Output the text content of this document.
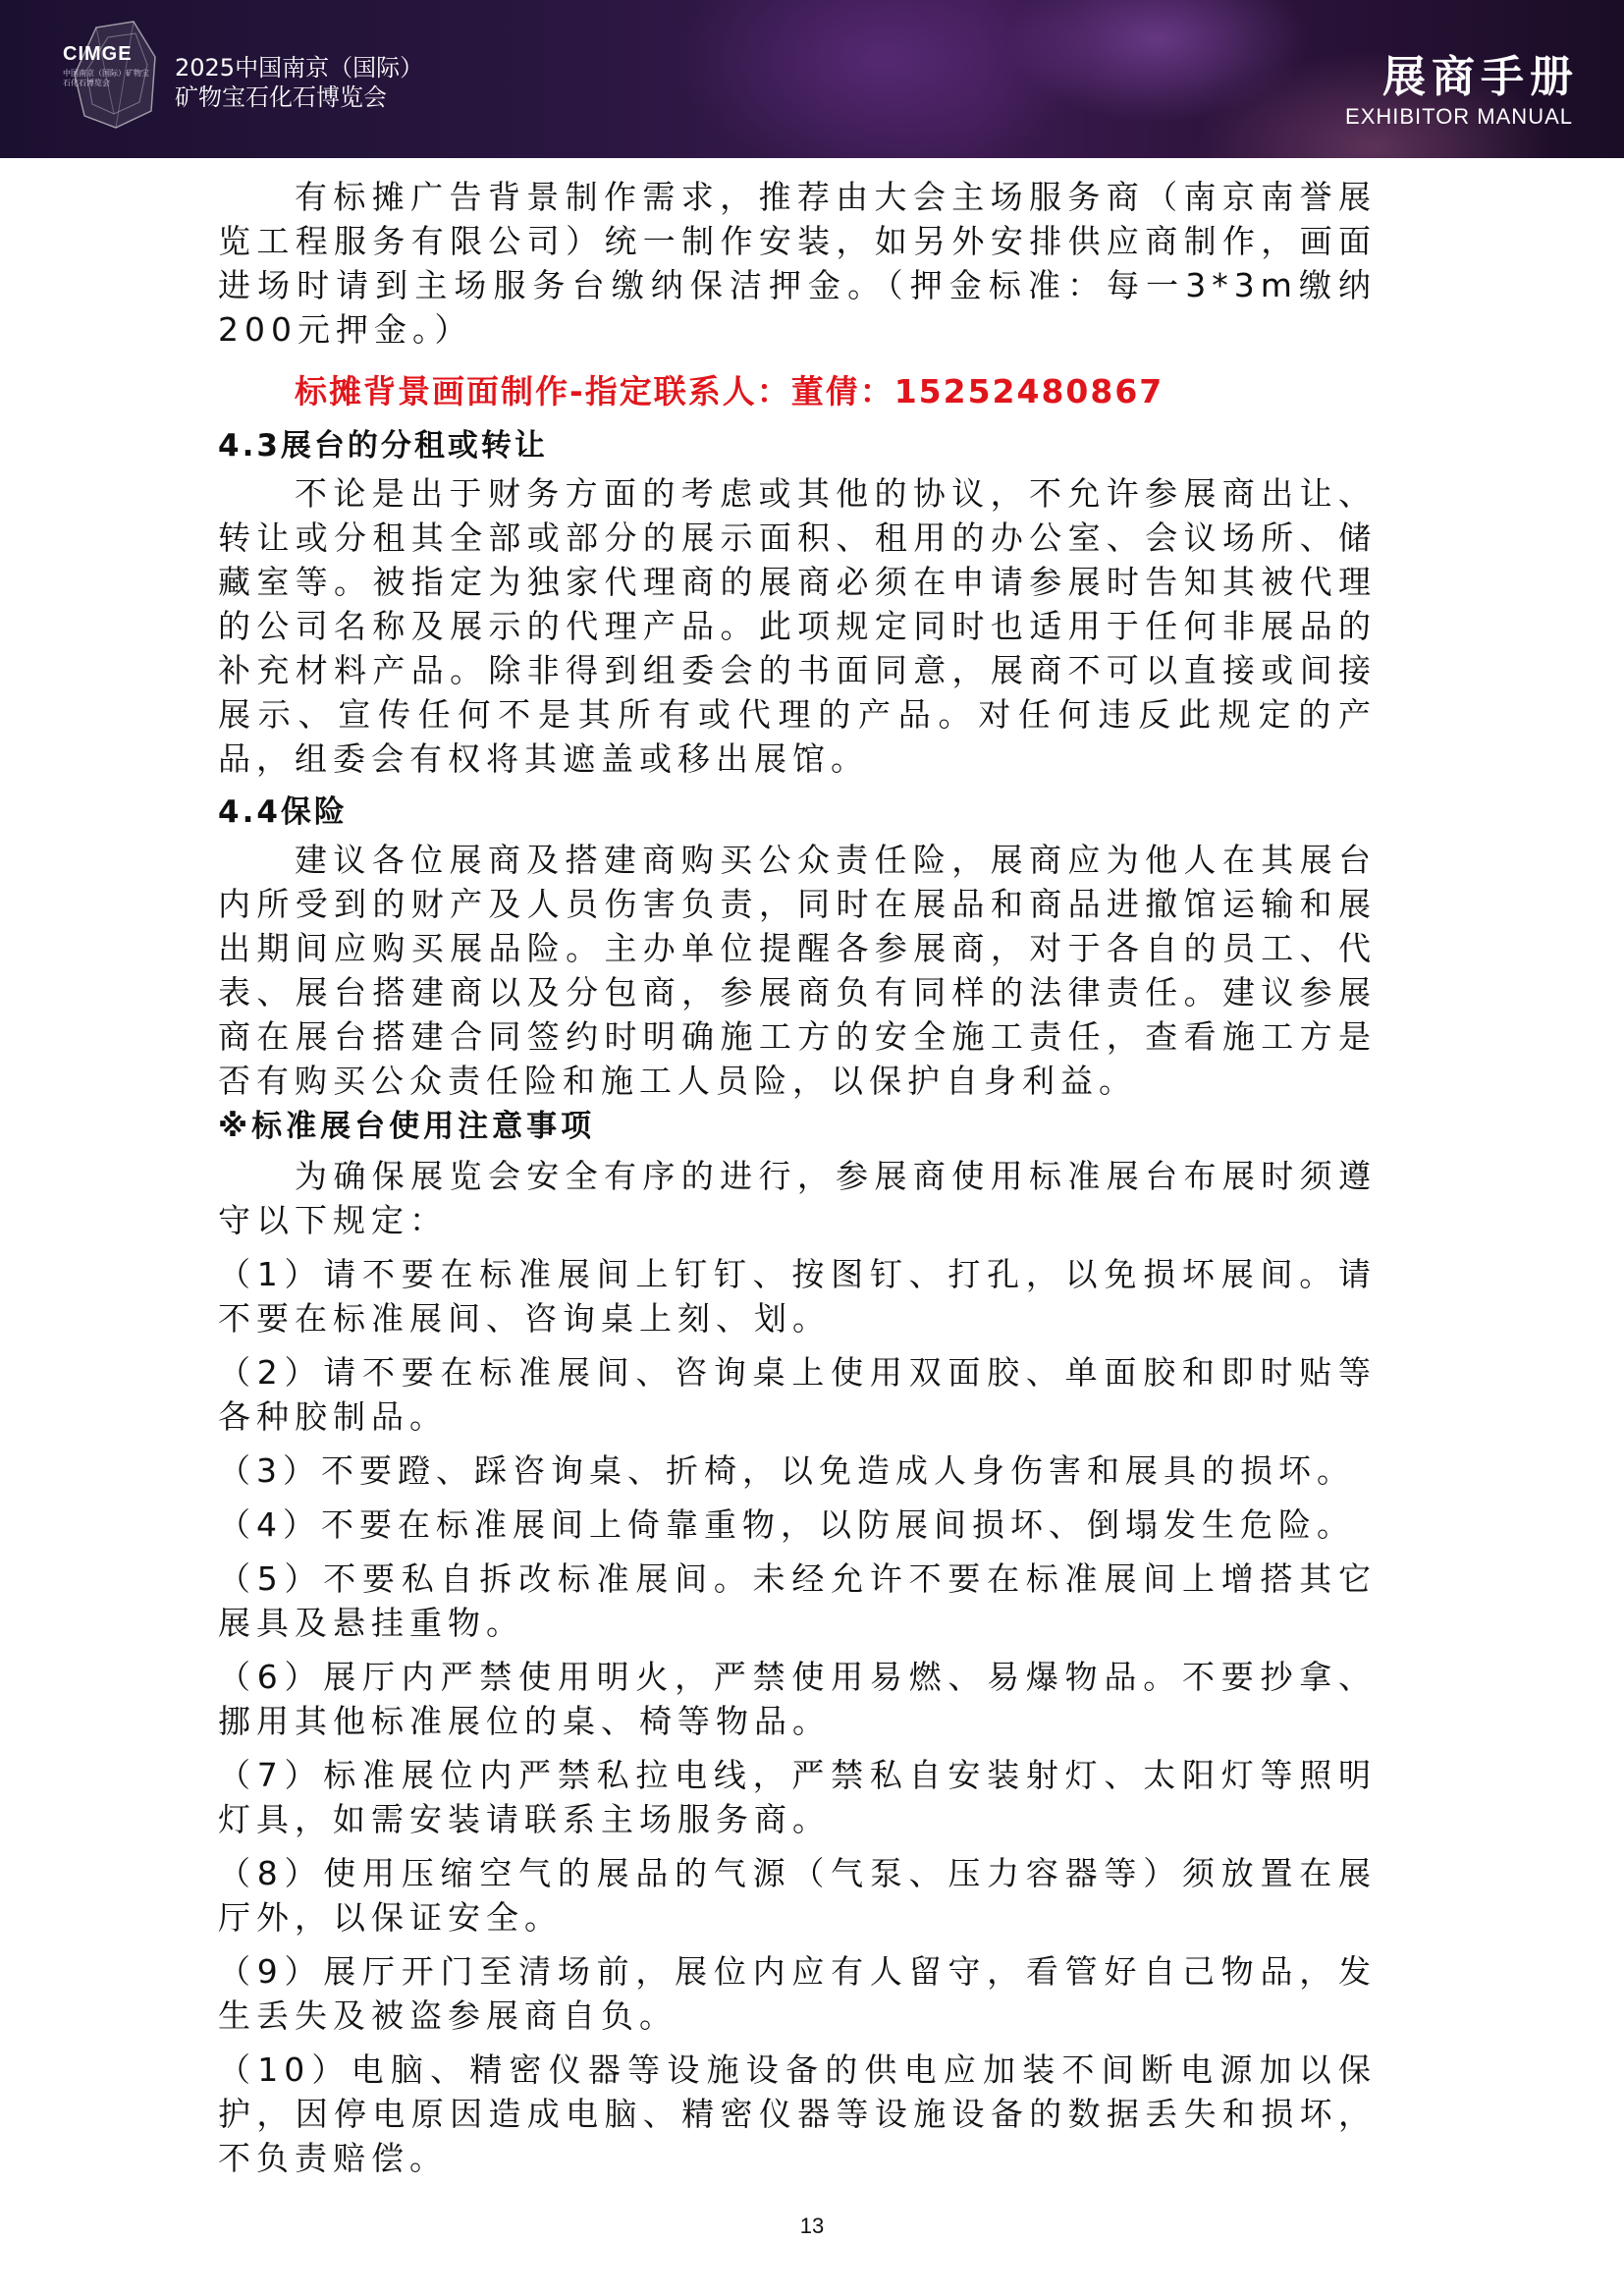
CIMGE
中国南京（国际）矿物宝石化石博览会
2025中国南京（国际）
矿物宝石化石博览会	展商手册
EXHIBITOR MANUAL

有标摊广告背景制作需求，推荐由大会主场服务商（南京南誉展览工程服务有限公司）统一制作安装，如另外安排供应商制作，画面进场时请到主场服务台缴纳保洁押金。（押金标准：每一3*3m缴纳200元押金。）

标摊背景画面制作-指定联系人：董倩：15252480867

4.3展台的分租或转让

不论是出于财务方面的考虑或其他的协议，不允许参展商出让、转让或分租其全部或部分的展示面积、租用的办公室、会议场所、储藏室等。被指定为独家代理商的展商必须在申请参展时告知其被代理的公司名称及展示的代理产品。此项规定同时也适用于任何非展品的补充材料产品。除非得到组委会的书面同意，展商不可以直接或间接展示、宣传任何不是其所有或代理的产品。对任何违反此规定的产品，组委会有权将其遮盖或移出展馆。

4.4保险

建议各位展商及搭建商购买公众责任险，展商应为他人在其展台内所受到的财产及人员伤害负责，同时在展品和商品进撤馆运输和展出期间应购买展品险。主办单位提醒各参展商，对于各自的员工、代表、展台搭建商以及分包商，参展商负有同样的法律责任。建议参展商在展台搭建合同签约时明确施工方的安全施工责任，查看施工方是否有购买公众责任险和施工人员险，以保护自身利益。

※标准展台使用注意事项

为确保展览会安全有序的进行，参展商使用标准展台布展时须遵守以下规定：

（1）请不要在标准展间上钉钉、按图钉、打孔，以免损坏展间。请不要在标准展间、咨询桌上刻、划。

（2）请不要在标准展间、咨询桌上使用双面胶、单面胶和即时贴等各种胶制品。

（3）不要蹬、踩咨询桌、折椅，以免造成人身伤害和展具的损坏。

（4）不要在标准展间上倚靠重物，以防展间损坏、倒塌发生危险。

（5）不要私自拆改标准展间。未经允许不要在标准展间上增搭其它展具及悬挂重物。

（6）展厅内严禁使用明火，严禁使用易燃、易爆物品。不要抄拿、挪用其他标准展位的桌、椅等物品。

（7）标准展位内严禁私拉电线，严禁私自安装射灯、太阳灯等照明灯具，如需安装请联系主场服务商。

（8）使用压缩空气的展品的气源（气泵、压力容器等）须放置在展厅外，以保证安全。

（9）展厅开门至清场前，展位内应有人留守，看管好自己物品，发生丢失及被盗参展商自负。

（10）电脑、精密仪器等设施设备的供电应加装不间断电源加以保护，因停电原因造成电脑、精密仪器等设施设备的数据丢失和损坏，不负责赔偿。

13
